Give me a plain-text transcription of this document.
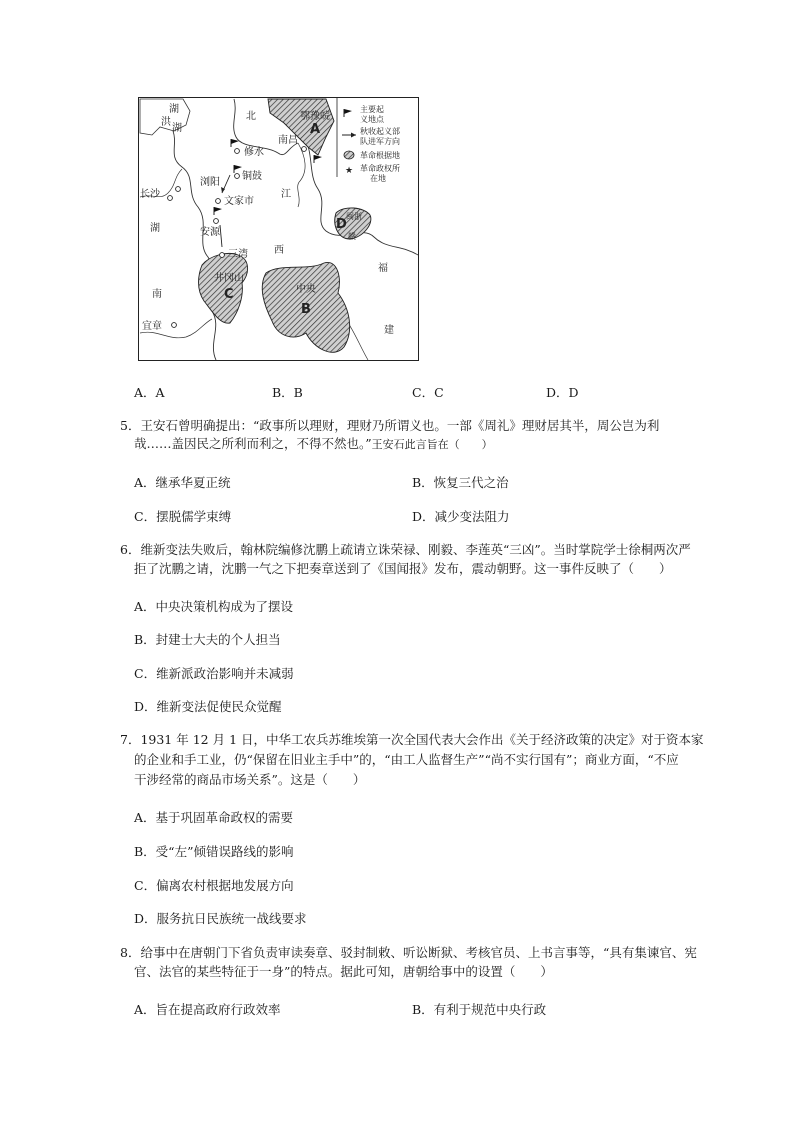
A
D
C
B
洪
湖
湖
北	鄂豫皖
修水
铜鼓
南昌
江
浏阳
长沙
文家市
安源
三湾	西
湖
南
井冈山
中央
宜章
福
建
闽浙
赣
主要起
义地点
秋收起义部
队进军方向
革命根据地
★ 革命政权所
在地
A．A	B．B	C．C	D．D
5．王安石曾明确提出：“政事所以理财，理财乃所谓义也。一部《周礼》理财居其半，周公岂为利
哉……盖因民之所利而利之，不得不然也。”王安石此言旨在（　　）
A．继承华夏正统	B．恢复三代之治
C．摆脱儒学束缚	D．减少变法阻力
6．维新变法失败后，翰林院编修沈鹏上疏请立诛荣禄、刚毅、李莲英“三凶”。当时掌院学士徐桐两次严
拒了沈鹏之请，沈鹏一气之下把奏章送到了《国闻报》发布，震动朝野。这一事件反映了（　　）
A．中央决策机构成为了摆设
B．封建士大夫的个人担当
C．维新派政治影响并未减弱
D．维新变法促使民众觉醒
7．1931 年 12 月 1 日，中华工农兵苏维埃第一次全国代表大会作出《关于经济政策的决定》对于资本家
的企业和手工业，仍“保留在旧业主手中”的，“由工人监督生产”“尚不实行国有”；商业方面，“不应
干涉经常的商品市场关系”。这是（　　）
A．基于巩固革命政权的需要
B．受“左”倾错误路线的影响
C．偏离农村根据地发展方向
D．服务抗日民族统一战线要求
8．给事中在唐朝门下省负责审读奏章、驳封制敕、听讼断狱、考核官员、上书言事等，“具有集谏官、宪
官、法官的某些特征于一身”的特点。据此可知，唐朝给事中的设置（　　）
A．旨在提高政府行政效率	B．有利于规范中央行政
